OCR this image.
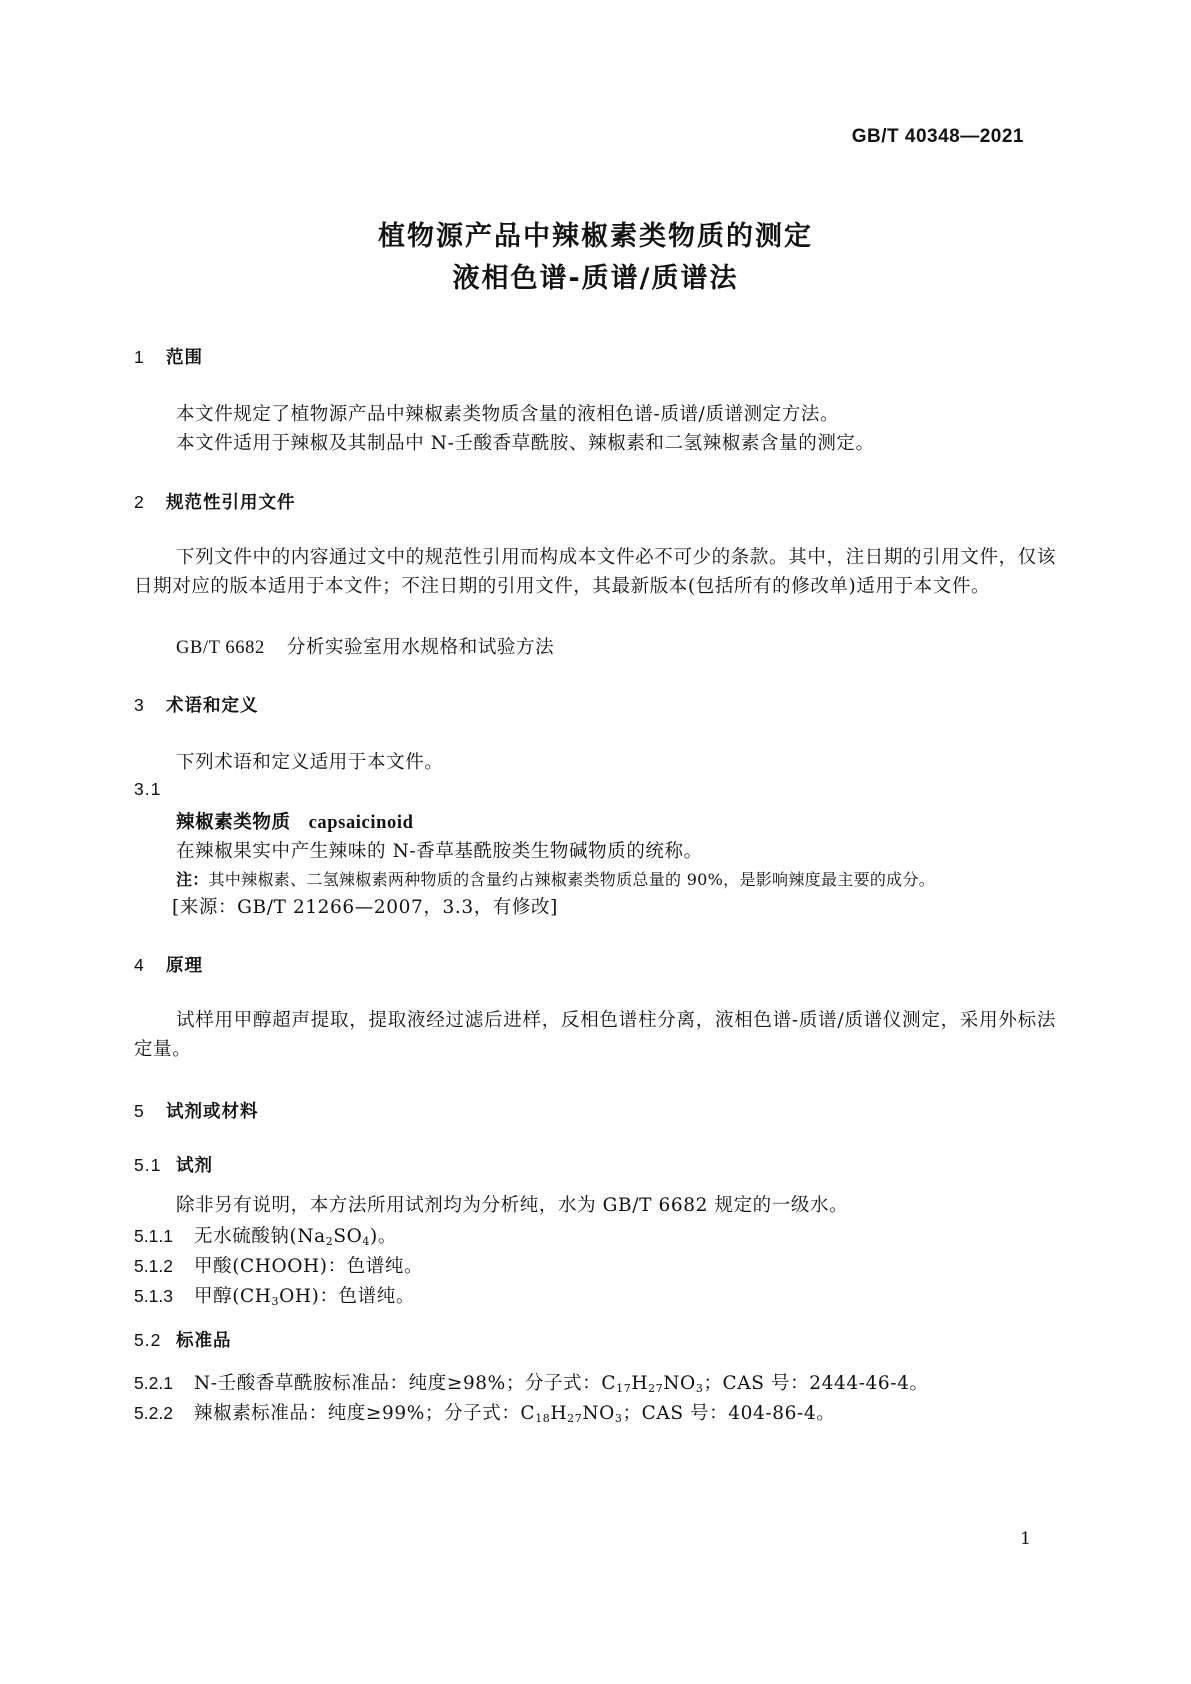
GB/T 40348—2021
植物源产品中辣椒素类物质的测定
液相色谱-质谱/质谱法
1 范围
本文件规定了植物源产品中辣椒素类物质含量的液相色谱-质谱/质谱测定方法。
本文件适用于辣椒及其制品中 N-壬酸香草酰胺、辣椒素和二氢辣椒素含量的测定。
2 规范性引用文件
下列文件中的内容通过文中的规范性引用而构成本文件必不可少的条款。其中，注日期的引用文件，仅该日期对应的版本适用于本文件；不注日期的引用文件，其最新版本(包括所有的修改单)适用于本文件。
GB/T 6682 分析实验室用水规格和试验方法
3 术语和定义
下列术语和定义适用于本文件。
3.1
辣椒素类物质 capsaicinoid
在辣椒果实中产生辣味的 N-香草基酰胺类生物碱物质的统称。
注：其中辣椒素、二氢辣椒素两种物质的含量约占辣椒素类物质总量的 90%，是影响辣度最主要的成分。
[来源：GB/T 21266—2007，3.3，有修改]
4 原理
试样用甲醇超声提取，提取液经过滤后进样，反相色谱柱分离，液相色谱-质谱/质谱仪测定，采用外标法定量。
5 试剂或材料
5.1 试剂
除非另有说明，本方法所用试剂均为分析纯，水为 GB/T 6682 规定的一级水。
5.1.1 无水硫酸钠$(Na_2SO_4)$。
5.1.2 甲酸(CHOOH)：色谱纯。
5.1.3 甲醇$(CH_3OH)$：色谱纯。
5.2 标准品
5.2.1 N-壬酸香草酰胺标准品：纯度≥98%；分子式：$C_{17}H_{27}NO_3$；CAS 号：2444-46-4。
5.2.2 辣椒素标准品：纯度≥99%；分子式：$C_{18}H_{27}NO_3$；CAS 号：404-86-4。
1
